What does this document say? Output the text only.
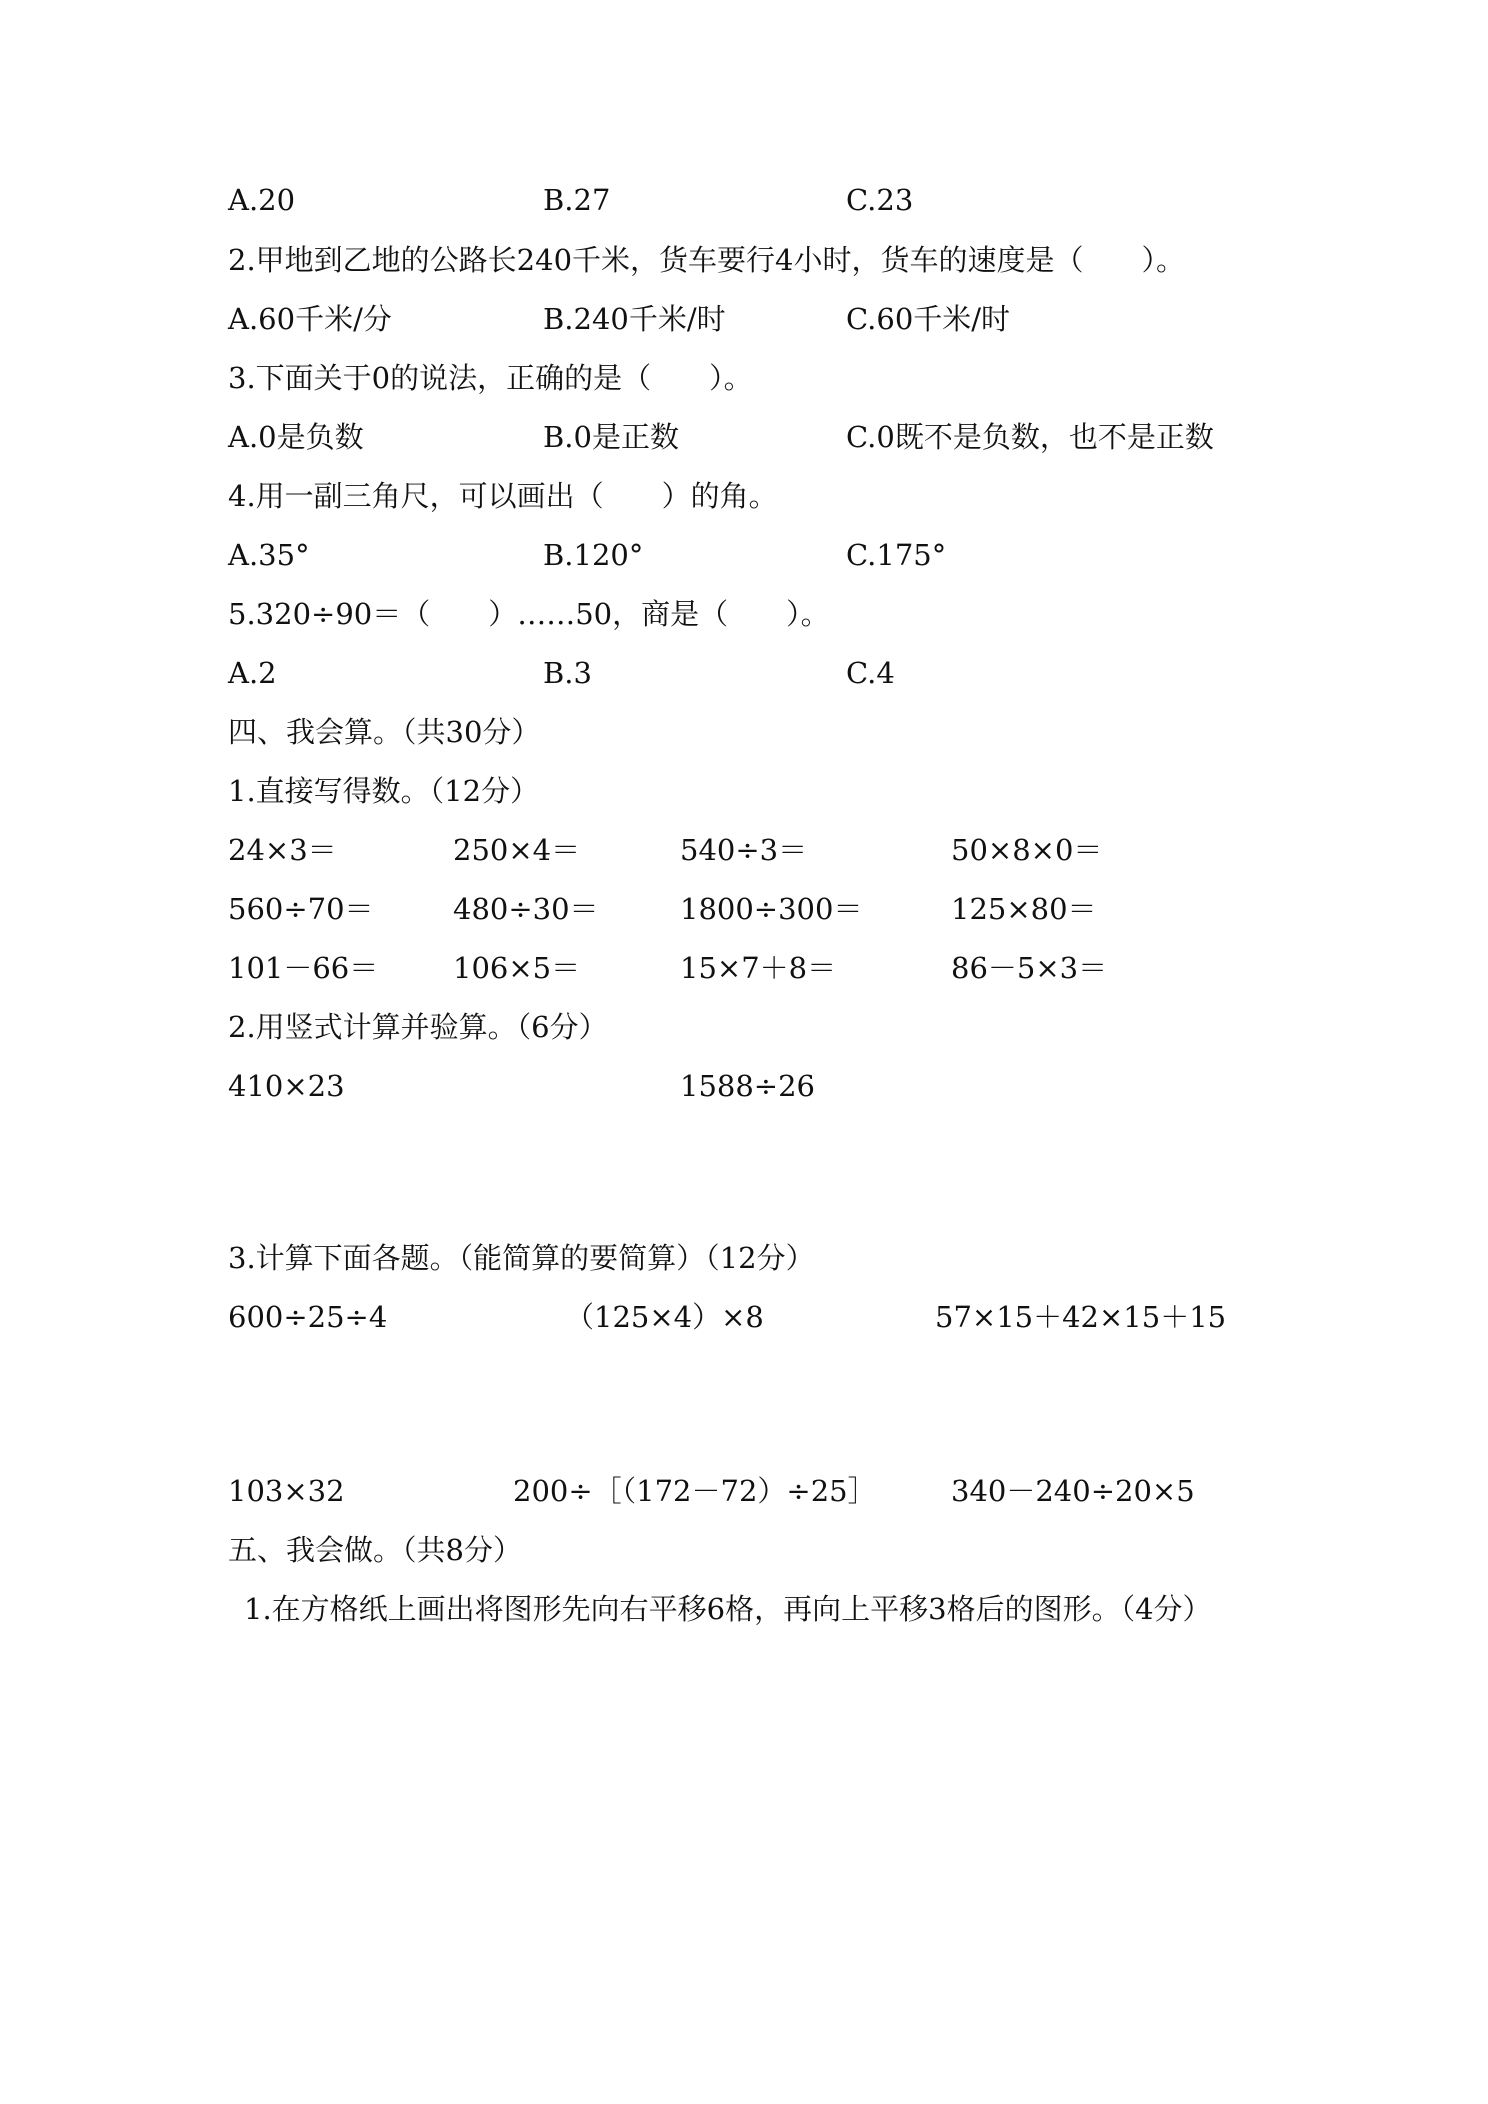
A.20	B.27	C.23
2.甲地到乙地的公路长240千米，货车要行4小时，货车的速度是（　　）。
A.60千米/分	B.240千米/时	C.60千米/时
3.下面关于0的说法，正确的是（　　）。
A.0是负数	B.0是正数	C.0既不是负数，也不是正数
4.用一副三角尺，可以画出（　　）的角。
A.35°	B.120°	C.175°
5.320÷90＝（　　）……50，商是（　　）。
A.2	B.3	C.4
四、我会算。（共30分）
1.直接写得数。（12分）
24×3＝	250×4＝	540÷3＝	50×8×0＝
560÷70＝	480÷30＝	1800÷300＝	125×80＝
101－66＝	106×5＝	15×7＋8＝	86－5×3＝
2.用竖式计算并验算。（6分）
410×23	1588÷26
3.计算下面各题。（能简算的要简算）（12分）
600÷25÷4	（125×4）×8	57×15＋42×15＋15
103×32	200÷［（172－72）÷25］	340－240÷20×5
五、我会做。（共8分）
1.在方格纸上画出将图形先向右平移6格，再向上平移3格后的图形。（4分）
